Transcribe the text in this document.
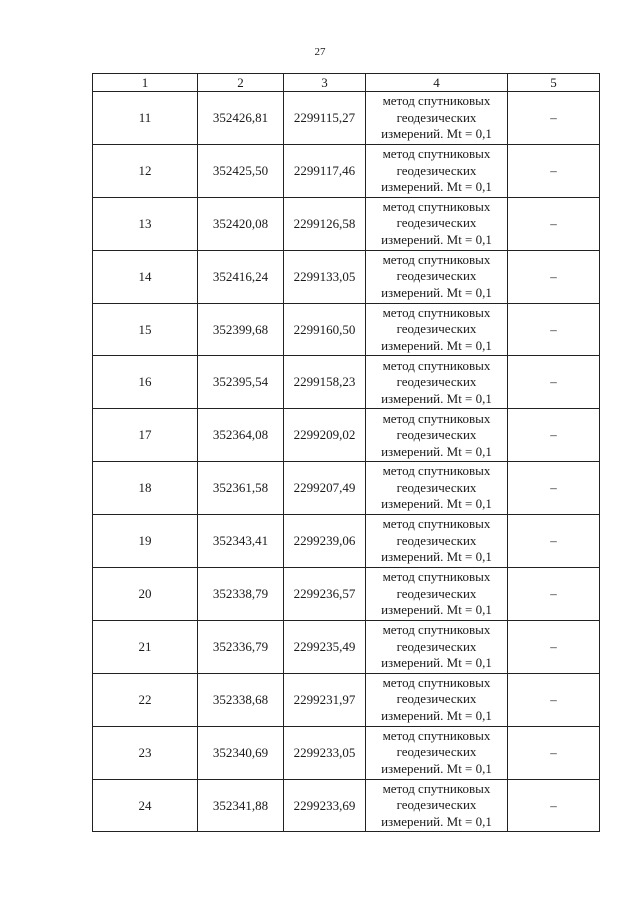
27
1	2	3	4	5
11	352426,81	2299115,27	метод спутниковых
геодезических
измерений. Mt = 0,1	–
12	352425,50	2299117,46	метод спутниковых
геодезических
измерений. Mt = 0,1	–
13	352420,08	2299126,58	метод спутниковых
геодезических
измерений. Mt = 0,1	–
14	352416,24	2299133,05	метод спутниковых
геодезических
измерений. Mt = 0,1	–
15	352399,68	2299160,50	метод спутниковых
геодезических
измерений. Mt = 0,1	–
16	352395,54	2299158,23	метод спутниковых
геодезических
измерений. Mt = 0,1	–
17	352364,08	2299209,02	метод спутниковых
геодезических
измерений. Mt = 0,1	–
18	352361,58	2299207,49	метод спутниковых
геодезических
измерений. Mt = 0,1	–
19	352343,41	2299239,06	метод спутниковых
геодезических
измерений. Mt = 0,1	–
20	352338,79	2299236,57	метод спутниковых
геодезических
измерений. Mt = 0,1	–
21	352336,79	2299235,49	метод спутниковых
геодезических
измерений. Mt = 0,1	–
22	352338,68	2299231,97	метод спутниковых
геодезических
измерений. Mt = 0,1	–
23	352340,69	2299233,05	метод спутниковых
геодезических
измерений. Mt = 0,1	–
24	352341,88	2299233,69	метод спутниковых
геодезических
измерений. Mt = 0,1	–
